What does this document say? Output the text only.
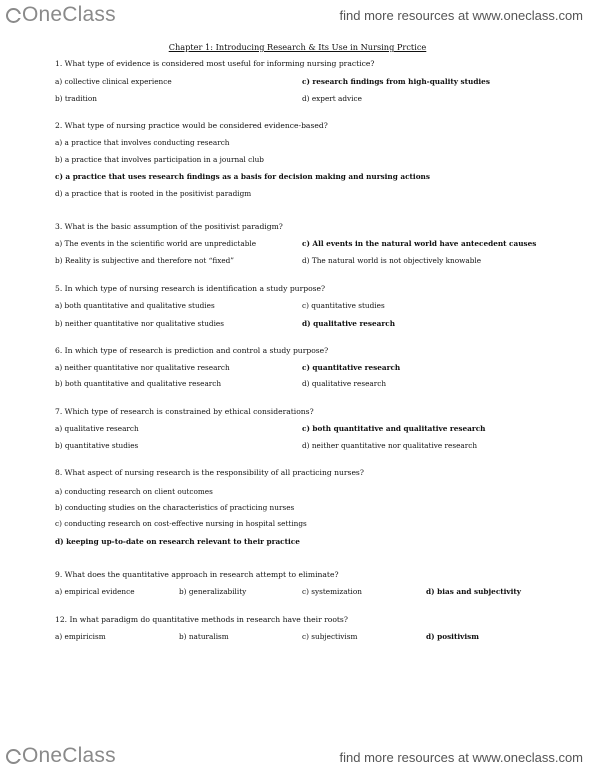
OneClass	find more resources at www.oneclass.com
Chapter 1: Introducing Research & Its Use in Nursing Prctice
1. What type of evidence is considered most useful for informing nursing practice?
a) collective clinical experience	c) research findings from high-quality studies
b) tradition	d) expert advice
2. What type of nursing practice would be considered evidence-based?
a) a practice that involves conducting research
b) a practice that involves participation in a journal club
c) a practice that uses research findings as a basis for decision making and nursing actions
d) a practice that is rooted in the positivist paradigm
3. What is the basic assumption of the positivist paradigm?
a) The events in the scientific world are unpredictable	c) All events in the natural world have antecedent causes
b) Reality is subjective and therefore not “fixed”	d) The natural world is not objectively knowable
5. In which type of nursing research is identification a study purpose?
a) both quantitative and qualitative studies	c) quantitative studies
b) neither quantitative nor qualitative studies	d) qualitative research
6. In which type of research is prediction and control a study purpose?
a) neither quantitative nor qualitative research	c) quantitative research
b) both quantitative and qualitative research	d) qualitative research
7. Which type of research is constrained by ethical considerations?
a) qualitative research	c) both quantitative and qualitative research
b) quantitative studies	d) neither quantitative nor qualitative research
8. What aspect of nursing research is the responsibility of all practicing nurses?
a) conducting research on client outcomes
b) conducting studies on the characteristics of practicing nurses
c) conducting research on cost-effective nursing in hospital settings
d) keeping up-to-date on research relevant to their practice
9. What does the quantitative approach in research attempt to eliminate?
a) empirical evidence	b) generalizability	c) systemization	d) bias and subjectivity
12. In what paradigm do quantitative methods in research have their roots?
a) empiricism	b) naturalism	c) subjectivism	d) positivism
OneClass	find more resources at www.oneclass.com
